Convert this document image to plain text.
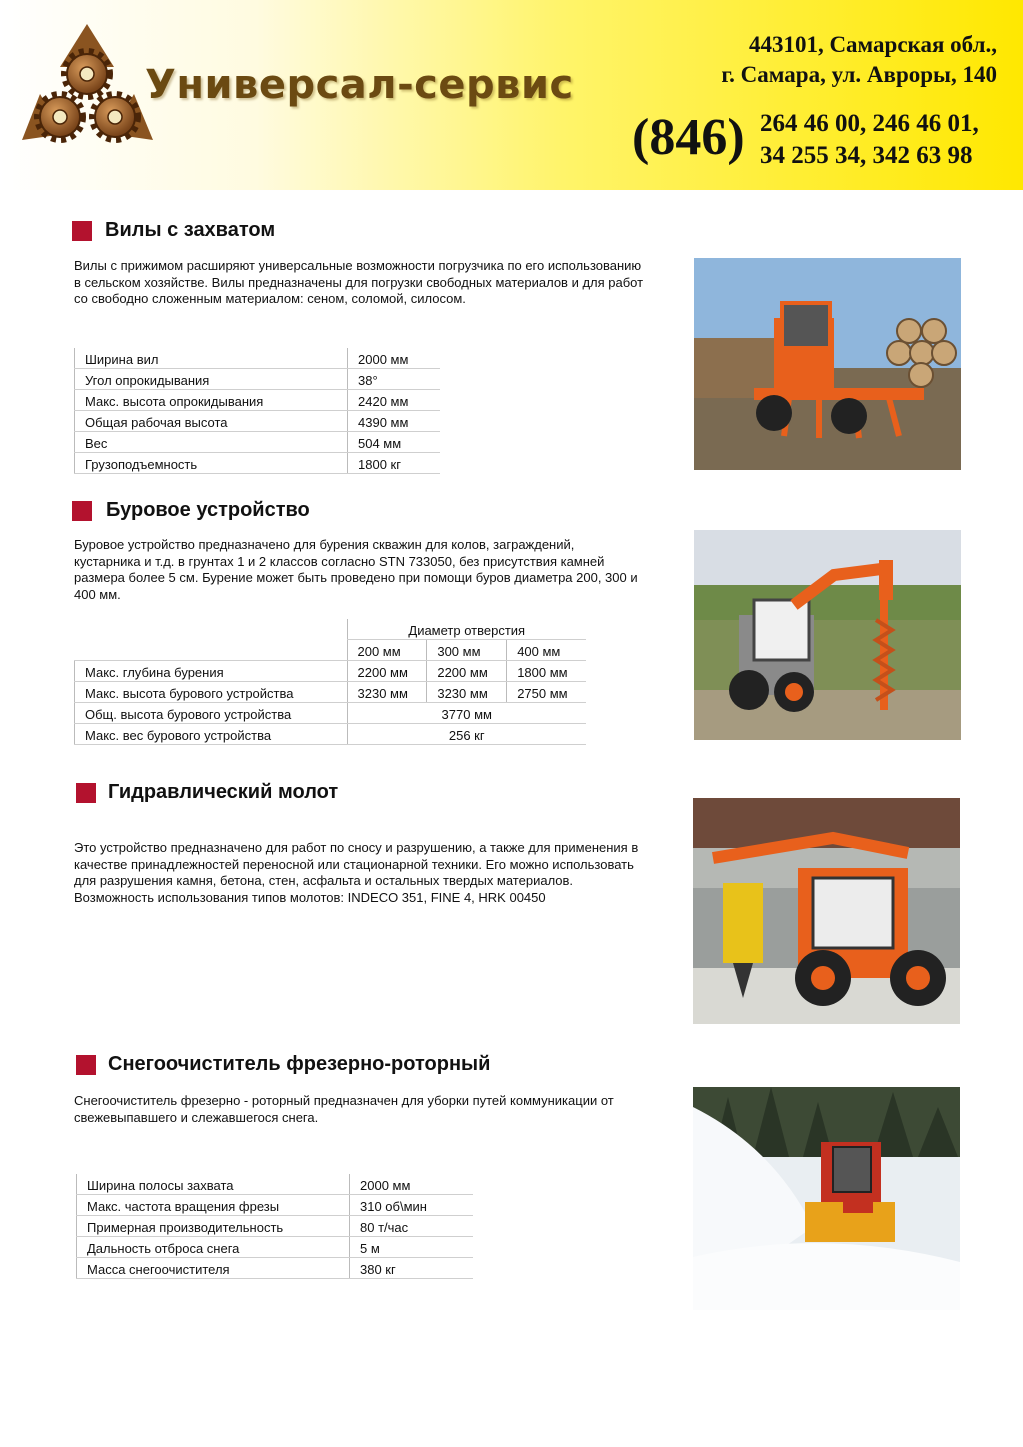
Универсал-сервис
443101, Самарская обл.,
г. Самара, ул. Авроры, 140
(846) 264 46 00, 246 46 01,
34 255 34, 342 63 98
Вилы с захватом
Вилы с прижимом расширяют универсальные возможности погрузчика по его использованию в сельском хозяйстве. Вилы предназначены для погрузки свободных материалов и для работ со свободно сложенным материалом: сеном, соломой, силосом.
Ширина вил	2000 мм
Угол опрокидывания	38°
Макс. высота опрокидывания	2420 мм
Общая рабочая высота	4390 мм
Вес	504 мм
Грузоподъемность	1800 кг
Буровое устройство
Буровое устройство предназначено для бурения скважин для колов, заграждений, кустарника и т.д. в грунтах 1 и 2 классов согласно STN 733050, без присутствия камней размера более 5 см. Бурение может быть проведено при помощи буров диаметра 200, 300 и 400 мм.
	Диаметр отверстия		
	200 мм	300 мм	400 мм
Макс. глубина бурения	2200 мм	2200 мм	1800 мм
Макс. высота бурового устройства	3230 мм	3230 мм	2750 мм
Общ. высота бурового устройства	3770 мм		
Макс. вес бурового устройства	256 кг		
Гидравлический молот
Это устройство предназначено для работ по сносу и разрушению, а также для применения в качестве принадлежностей переносной или стационарной техники. Его можно использовать для разрушения камня, бетона, стен, асфальта и остальных твердых материалов. Возможность использования типов молотов: INDECO 351, FINE 4, HRK 00450
Снегоочиститель фрезерно-роторный
Снегоочиститель фрезерно - роторный предназначен для уборки путей коммуникации от свежевыпавшего и слежавшегося снега.
Ширина полосы захвата	2000 мм
Макс. частота вращения фрезы	310 об\мин
Примерная производительность	80 т/час
Дальность отброса снега	5 м
Масса снегоочистителя	380 кг
